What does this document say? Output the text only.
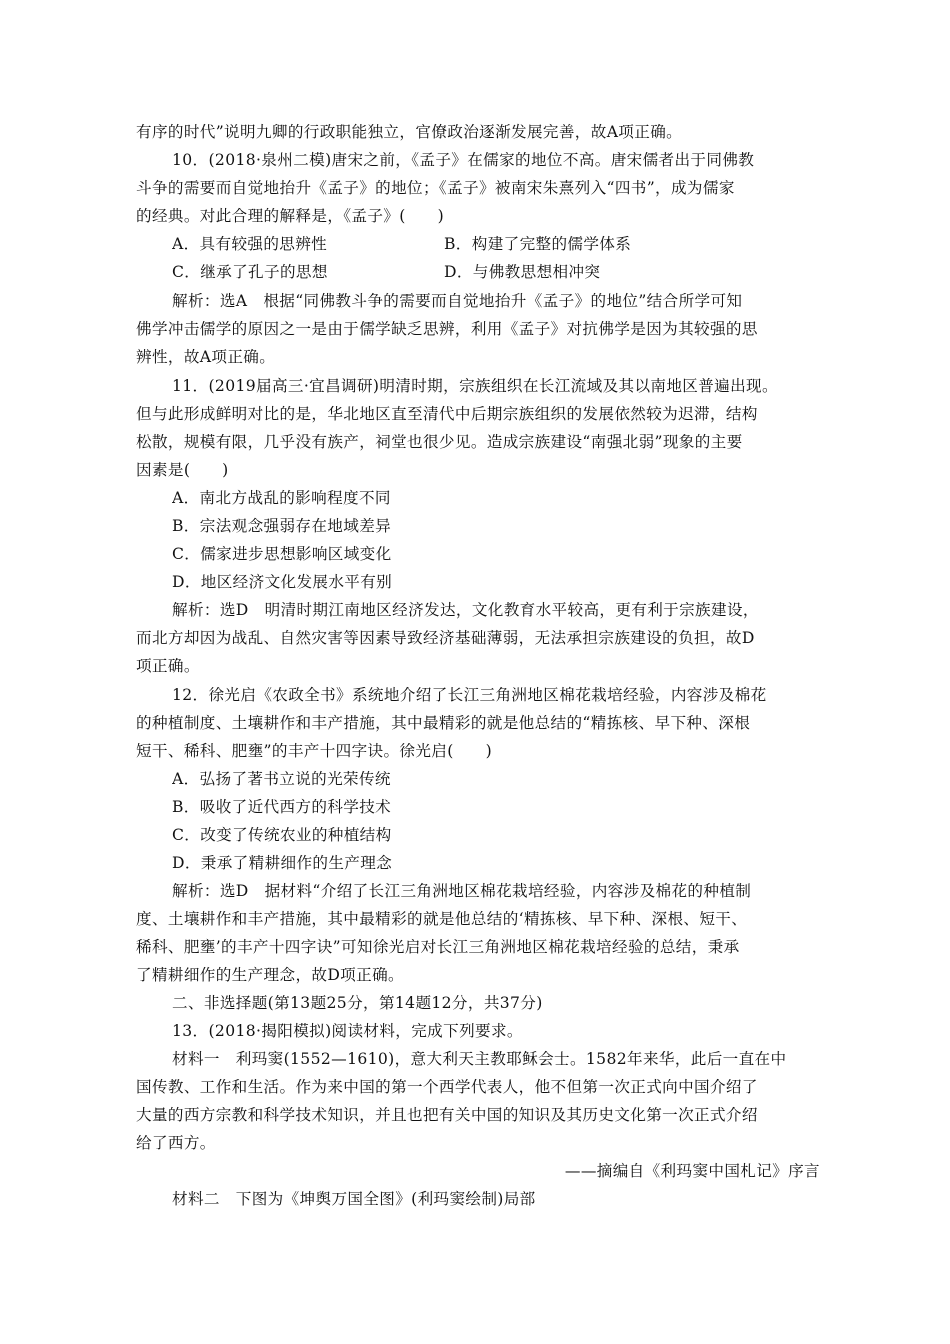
有序的时代”说明九卿的行政职能独立，官僚政治逐渐发展完善，故A项正确。
10．(2018·泉州二模)唐宋之前，《孟子》在儒家的地位不高。唐宋儒者出于同佛教
斗争的需要而自觉地抬升《孟子》的地位；《孟子》被南宋朱熹列入“四书”，成为儒家
的经典。对此合理的解释是，《孟子》(　　)
A．具有较强的思辨性	B．构建了完整的儒学体系
C．继承了孔子的思想	D．与佛教思想相冲突
解析：选A　根据“同佛教斗争的需要而自觉地抬升《孟子》的地位”结合所学可知
佛学冲击儒学的原因之一是由于儒学缺乏思辨，利用《孟子》对抗佛学是因为其较强的思
辨性，故A项正确。
11．(2019届高三·宜昌调研)明清时期，宗族组织在长江流域及其以南地区普遍出现。
但与此形成鲜明对比的是，华北地区直至清代中后期宗族组织的发展依然较为迟滞，结构
松散，规模有限，几乎没有族产，祠堂也很少见。造成宗族建设“南强北弱”现象的主要
因素是(　　)
A．南北方战乱的影响程度不同
B．宗法观念强弱存在地域差异
C．儒家进步思想影响区域变化
D．地区经济文化发展水平有别
解析：选D　明清时期江南地区经济发达，文化教育水平较高，更有利于宗族建设，
而北方却因为战乱、自然灾害等因素导致经济基础薄弱，无法承担宗族建设的负担，故D
项正确。
12．徐光启《农政全书》系统地介绍了长江三角洲地区棉花栽培经验，内容涉及棉花
的种植制度、土壤耕作和丰产措施，其中最精彩的就是他总结的“精拣核、早下种、深根
短干、稀科、肥壅”的丰产十四字诀。徐光启(　　)
A．弘扬了著书立说的光荣传统
B．吸收了近代西方的科学技术
C．改变了传统农业的种植结构
D．秉承了精耕细作的生产理念
解析：选D　据材料“介绍了长江三角洲地区棉花栽培经验，内容涉及棉花的种植制
度、土壤耕作和丰产措施，其中最精彩的就是他总结的‘精拣核、早下种、深根、短干、
稀科、肥壅’的丰产十四字诀”可知徐光启对长江三角洲地区棉花栽培经验的总结，秉承
了精耕细作的生产理念，故D项正确。
二、非选择题(第13题25分，第14题12分，共37分)
13．(2018·揭阳模拟)阅读材料，完成下列要求。
材料一　利玛窦(1552—1610)，意大利天主教耶稣会士。1582年来华，此后一直在中
国传教、工作和生活。作为来中国的第一个西学代表人，他不但第一次正式向中国介绍了
大量的西方宗教和科学技术知识，并且也把有关中国的知识及其历史文化第一次正式介绍
给了西方。
——摘编自《利玛窦中国札记》序言
材料二　下图为《坤舆万国全图》(利玛窦绘制)局部
